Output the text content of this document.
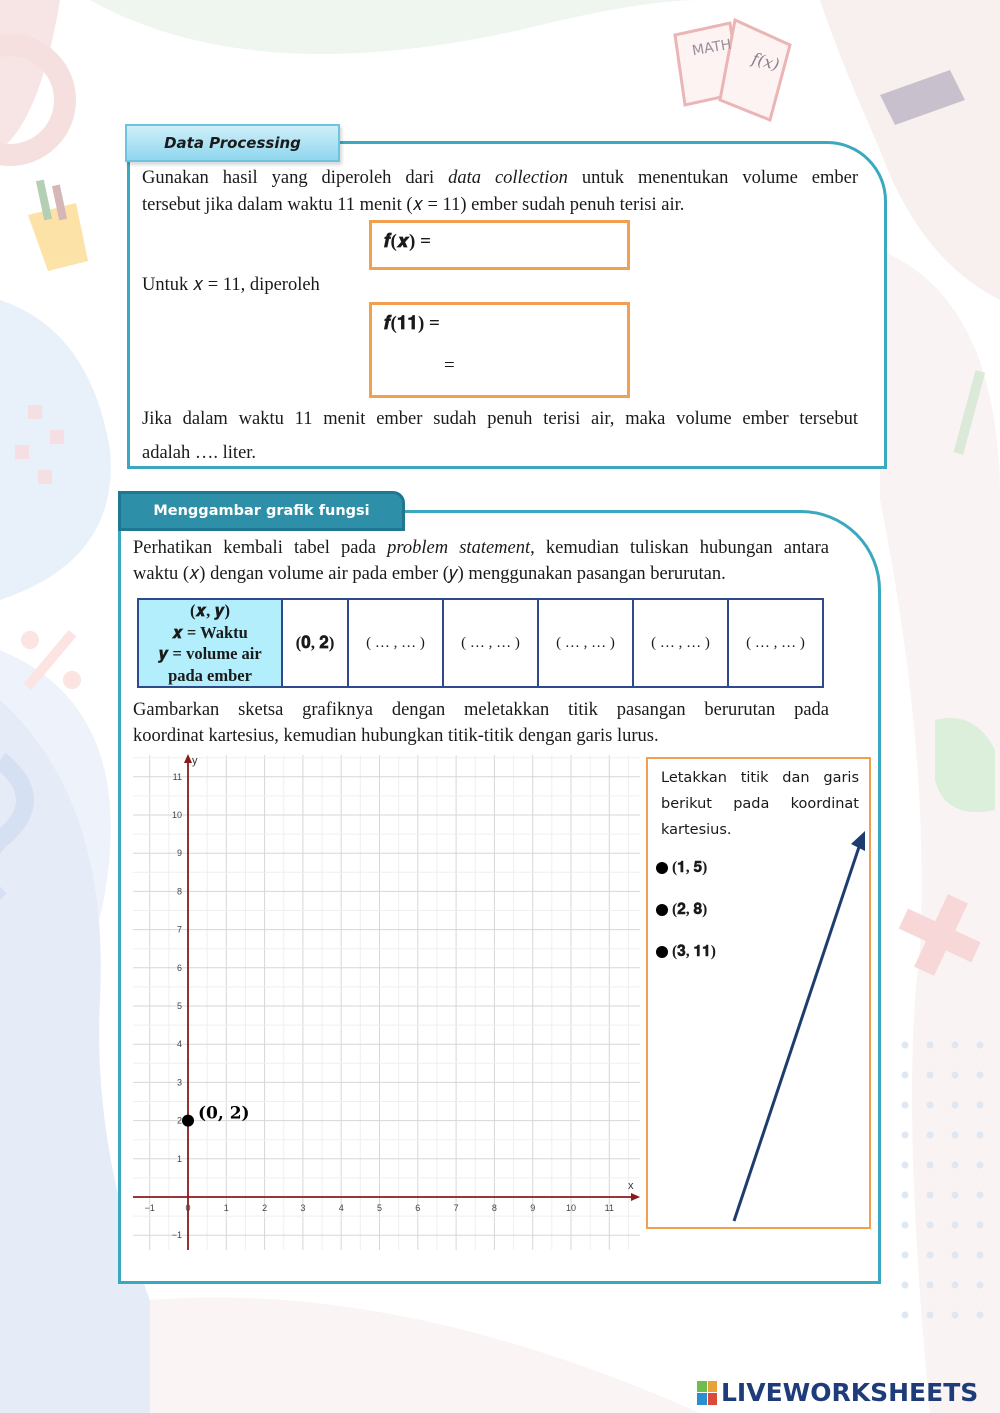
MATH
f(x)
Data Processing
Gunakan hasil yang diperoleh dari data collection untuk menentukan volume ember
tersebut jika dalam waktu 11 menit (𝑥 = 11) ember sudah penuh terisi air.
𝒇(𝒙) =
Untuk 𝑥 = 11, diperoleh
𝒇(𝟏𝟏) =
=
Jika dalam waktu 11 menit ember sudah penuh terisi air, maka volume ember tersebut
adalah …. liter.
Menggambar grafik fungsi
Perhatikan kembali tabel pada problem statement, kemudian tuliskan hubungan antara
waktu (𝑥) dengan volume air pada ember (𝑦) menggunakan pasangan berurutan.
(𝒙, 𝒚)
𝒙 = Waktu
𝒚 = volume air
pada ember
	(𝟎, 𝟐)	( … , … )	( … , … )	( … , … )	( … , … )	( … , … )
Gambarkan sketsa grafiknya dengan meletakkan titik pasangan berurutan pada
koordinat kartesius, kemudian hubungkan titik-titik dengan garis lurus.
x
y
−1	0	1	2	3	4	5	6	7	8	9	10	11
−1
1
2
3
4
5
6
7
8
9
10
11
(𝟎, 𝟐)
Letakkan titik dan garis berikut pada koordinat kartesius.
(𝟏, 𝟓)
(𝟐, 𝟖)
(𝟑, 𝟏𝟏)
LIVEWORKSHEETS
